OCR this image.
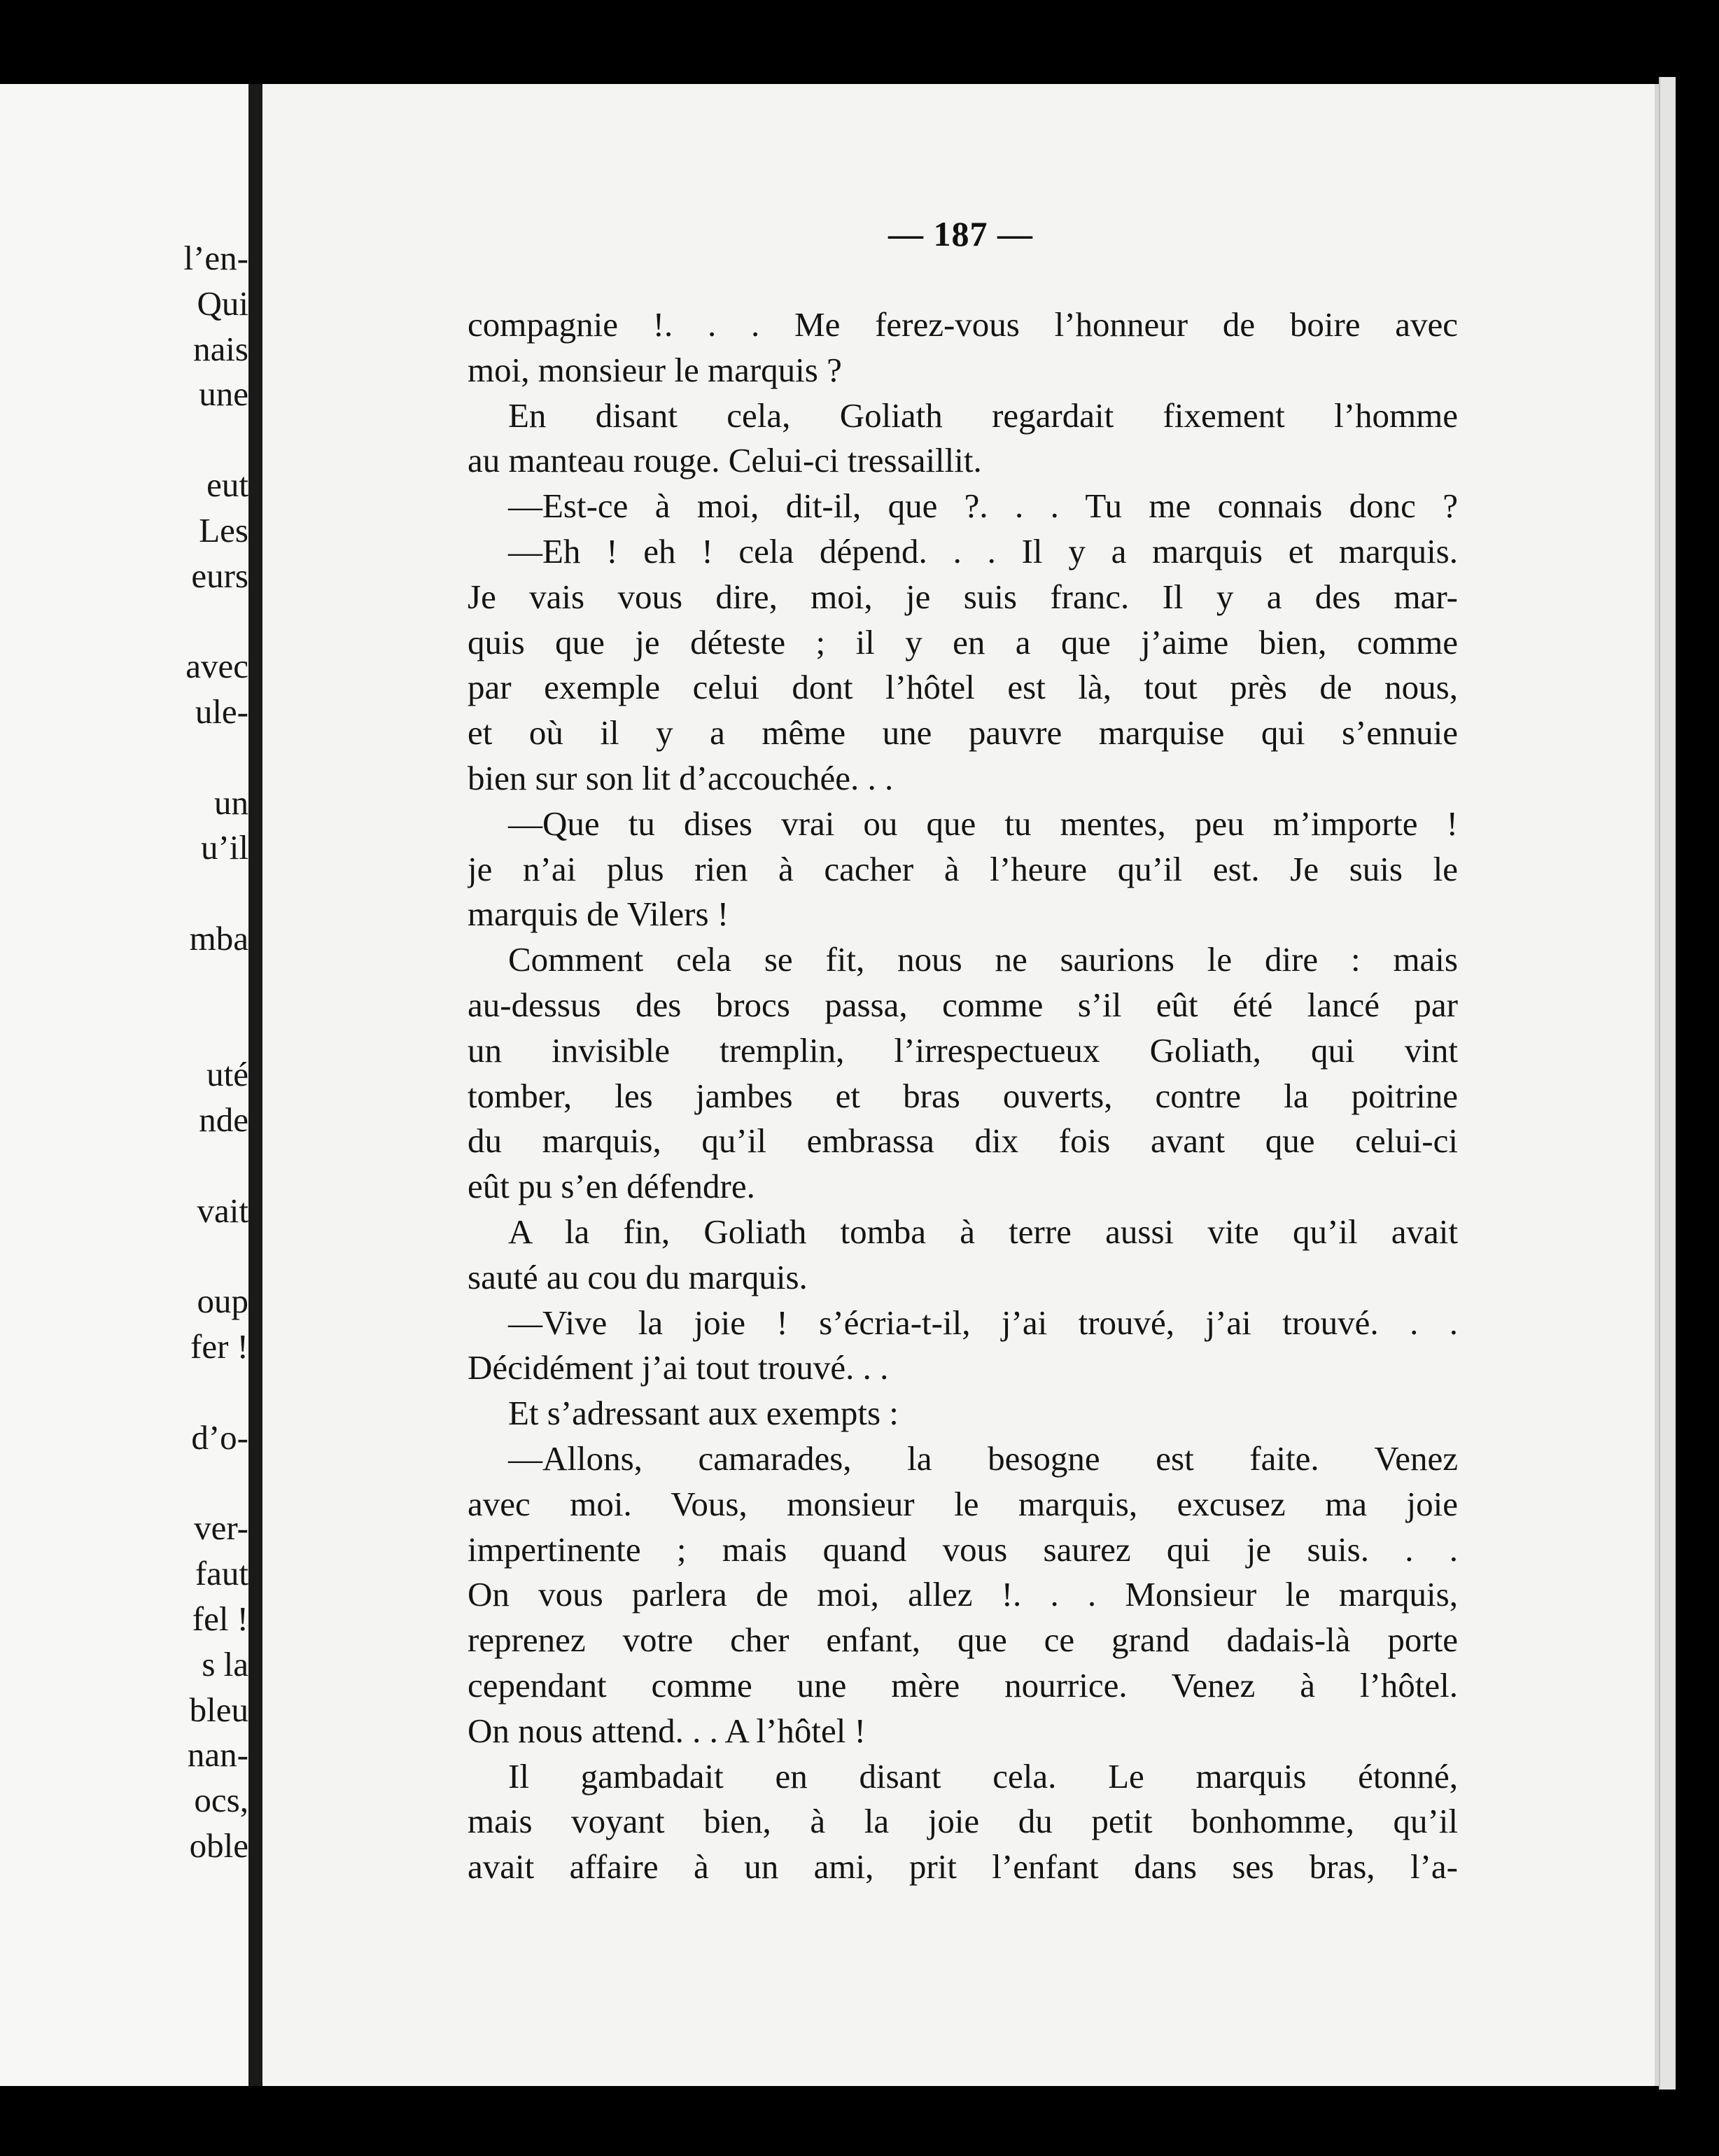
l’en-
Qui
nais
une
eut
Les
eurs
avec
ule-
un
u’il
mba
uté
nde
vait
oup
fer !
d’o-
ver-
faut
fel !
s la
bleu
nan-
ocs,
oble
— 187 —
compagnie !. . . Me ferez-vous l’honneur de boire avec
moi, monsieur le marquis ?
En disant cela, Goliath regardait fixement l’homme
au manteau rouge. Celui-ci tressaillit.
—Est-ce à moi, dit-il, que ?. . . Tu me connais donc ?
—Eh ! eh ! cela dépend. . . Il y a marquis et marquis.
Je vais vous dire, moi, je suis franc. Il y a des mar-
quis que je déteste ; il y en a que j’aime bien, comme
par exemple celui dont l’hôtel est là, tout près de nous,
et où il y a même une pauvre marquise qui s’ennuie
bien sur son lit d’accouchée. . .
—Que tu dises vrai ou que tu mentes, peu m’importe !
je n’ai plus rien à cacher à l’heure qu’il est. Je suis le
marquis de Vilers !
Comment cela se fit, nous ne saurions le dire : mais
au-dessus des brocs passa, comme s’il eût été lancé par
un invisible tremplin, l’irrespectueux Goliath, qui vint
tomber, les jambes et bras ouverts, contre la poitrine
du marquis, qu’il embrassa dix fois avant que celui-ci
eût pu s’en défendre.
A la fin, Goliath tomba à terre aussi vite qu’il avait
sauté au cou du marquis.
—Vive la joie ! s’écria-t-il, j’ai trouvé, j’ai trouvé. . .
Décidément j’ai tout trouvé. . .
Et s’adressant aux exempts :
—Allons, camarades, la besogne est faite. Venez
avec moi. Vous, monsieur le marquis, excusez ma joie
impertinente ; mais quand vous saurez qui je suis. . .
On vous parlera de moi, allez !. . . Monsieur le marquis,
reprenez votre cher enfant, que ce grand dadais-là porte
cependant comme une mère nourrice. Venez à l’hôtel.
On nous attend. . . A l’hôtel !
Il gambadait en disant cela. Le marquis étonné,
mais voyant bien, à la joie du petit bonhomme, qu’il
avait affaire à un ami, prit l’enfant dans ses bras, l’a-
